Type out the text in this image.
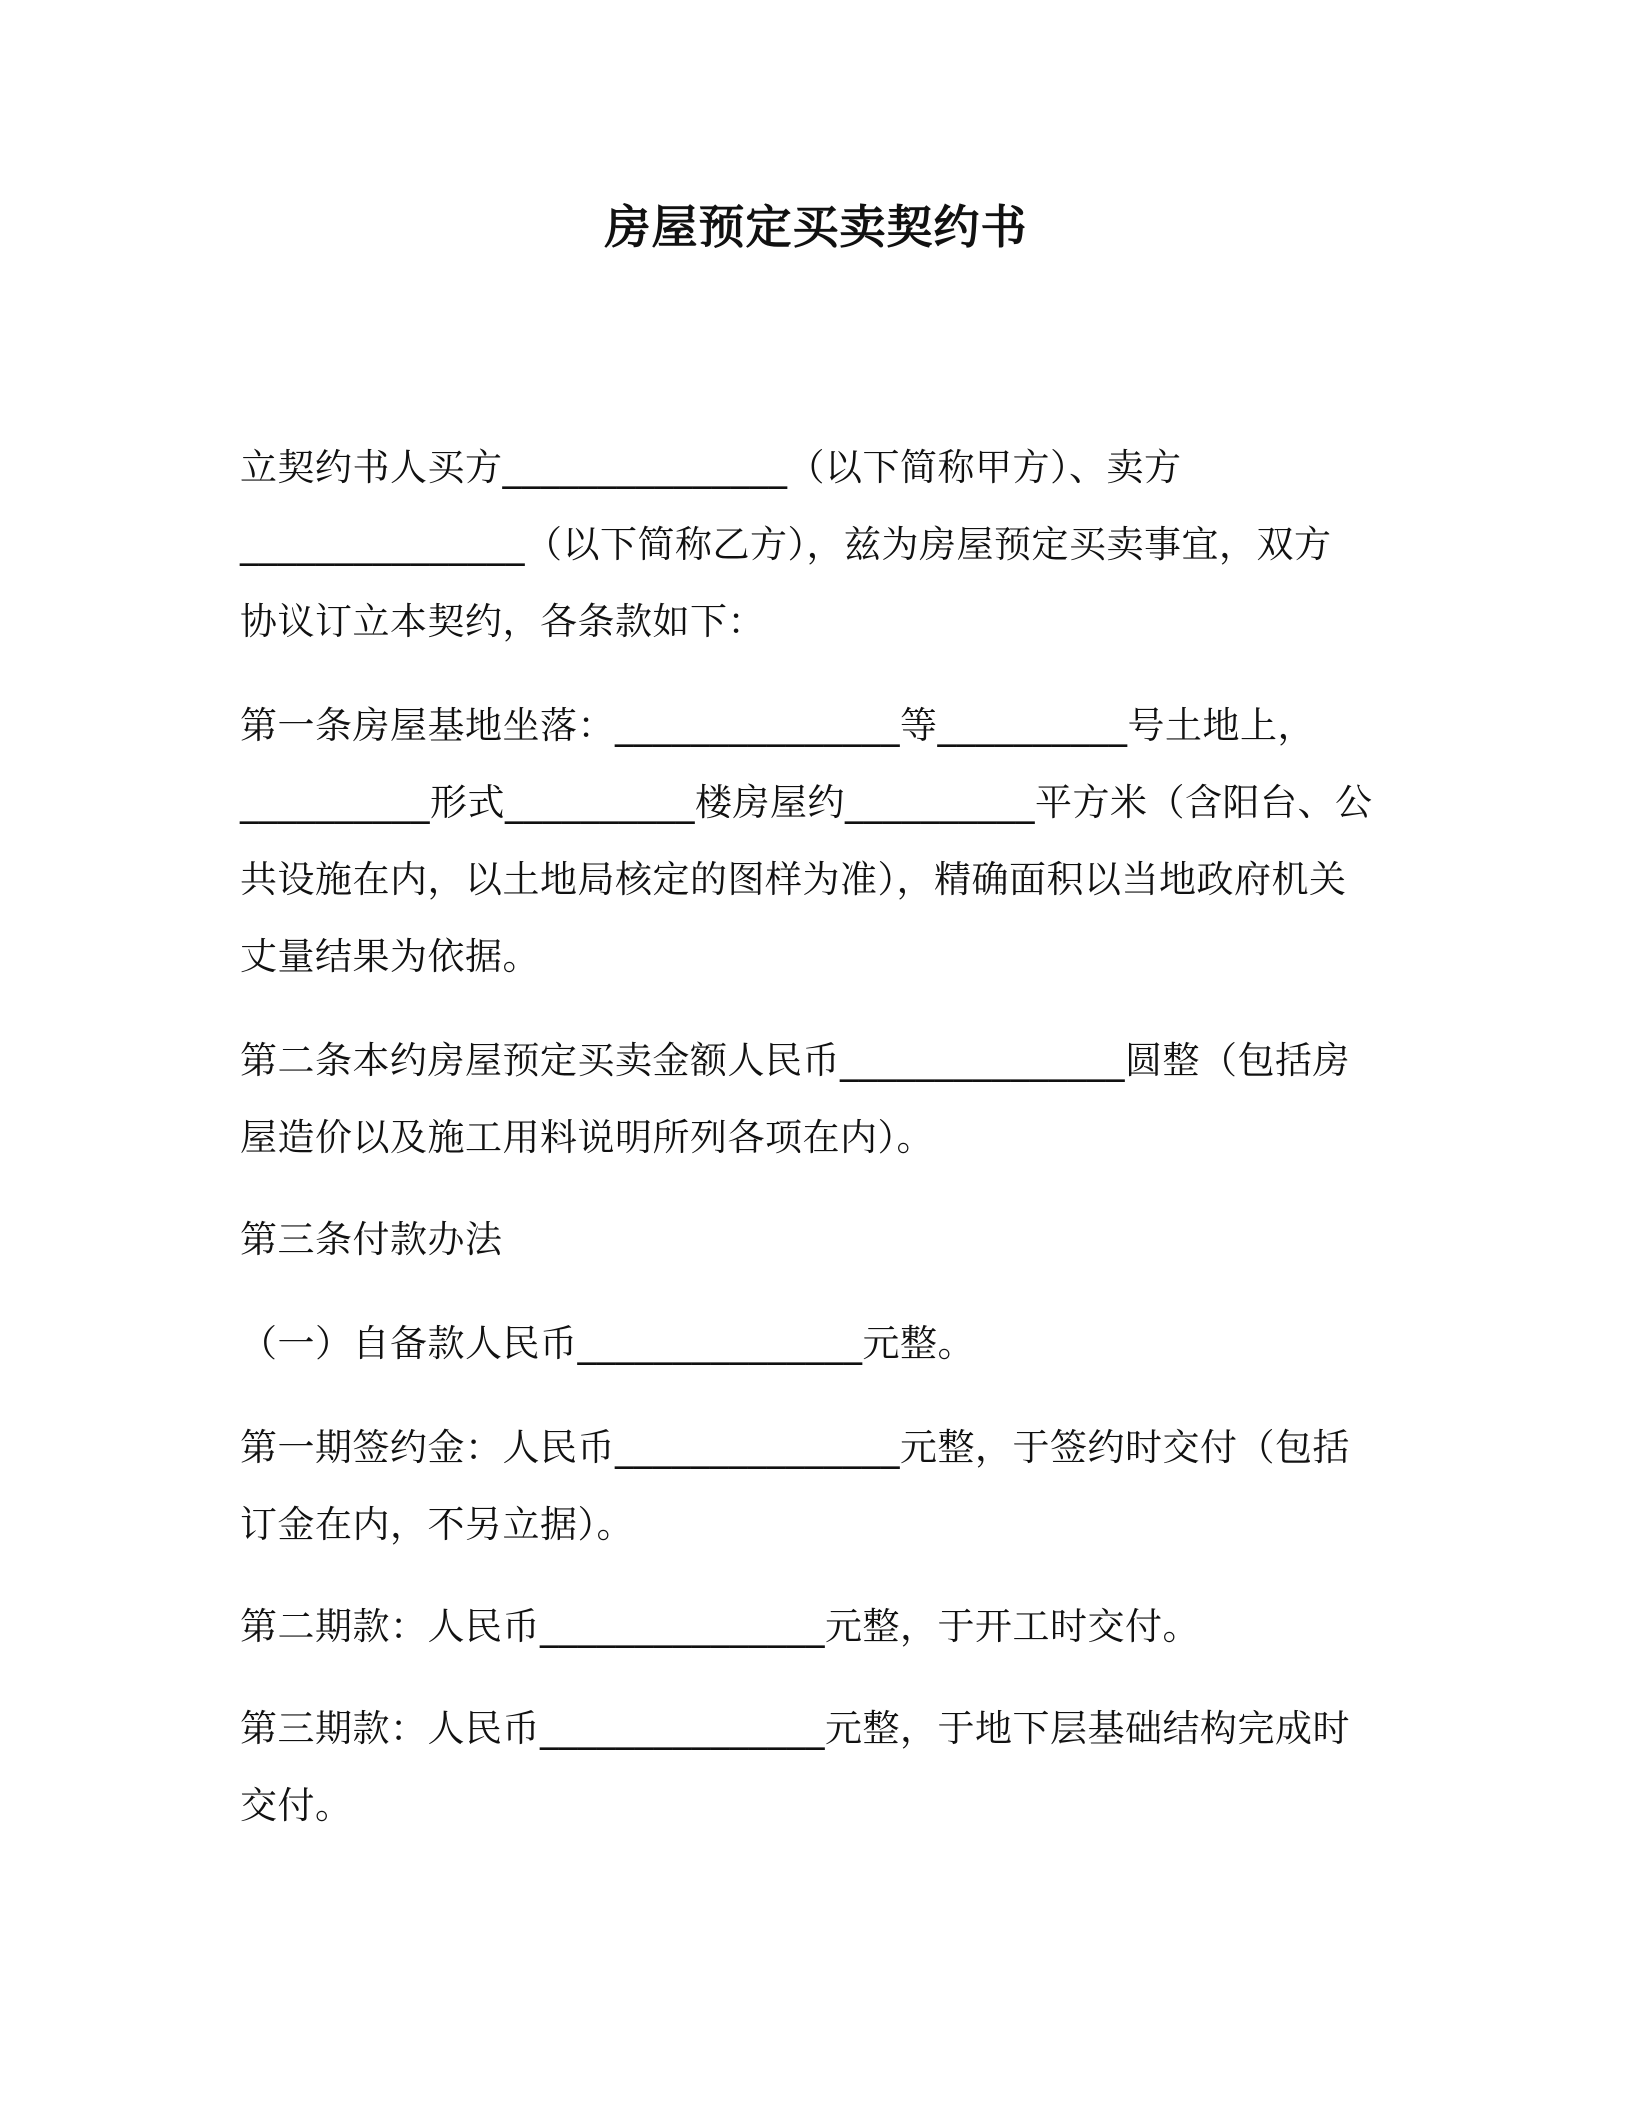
房屋预定买卖契约书
立契约书人买方_______________（以下简称甲方）、卖方
_______________（以下简称乙方），兹为房屋预定买卖事宜，双方
协议订立本契约，各条款如下：
第一条房屋基地坐落：_______________等__________号土地上，
__________形式__________楼房屋约__________平方米（含阳台、公
共设施在内，以土地局核定的图样为准），精确面积以当地政府机关
丈量结果为依据。
第二条本约房屋预定买卖金额人民币_______________圆整（包括房
屋造价以及施工用料说明所列各项在内）。
第三条付款办法
（一）自备款人民币_______________元整。
第一期签约金：人民币_______________元整，于签约时交付（包括
订金在内，不另立据）。
第二期款：人民币_______________元整，于开工时交付。
第三期款：人民币_______________元整，于地下层基础结构完成时
交付。
